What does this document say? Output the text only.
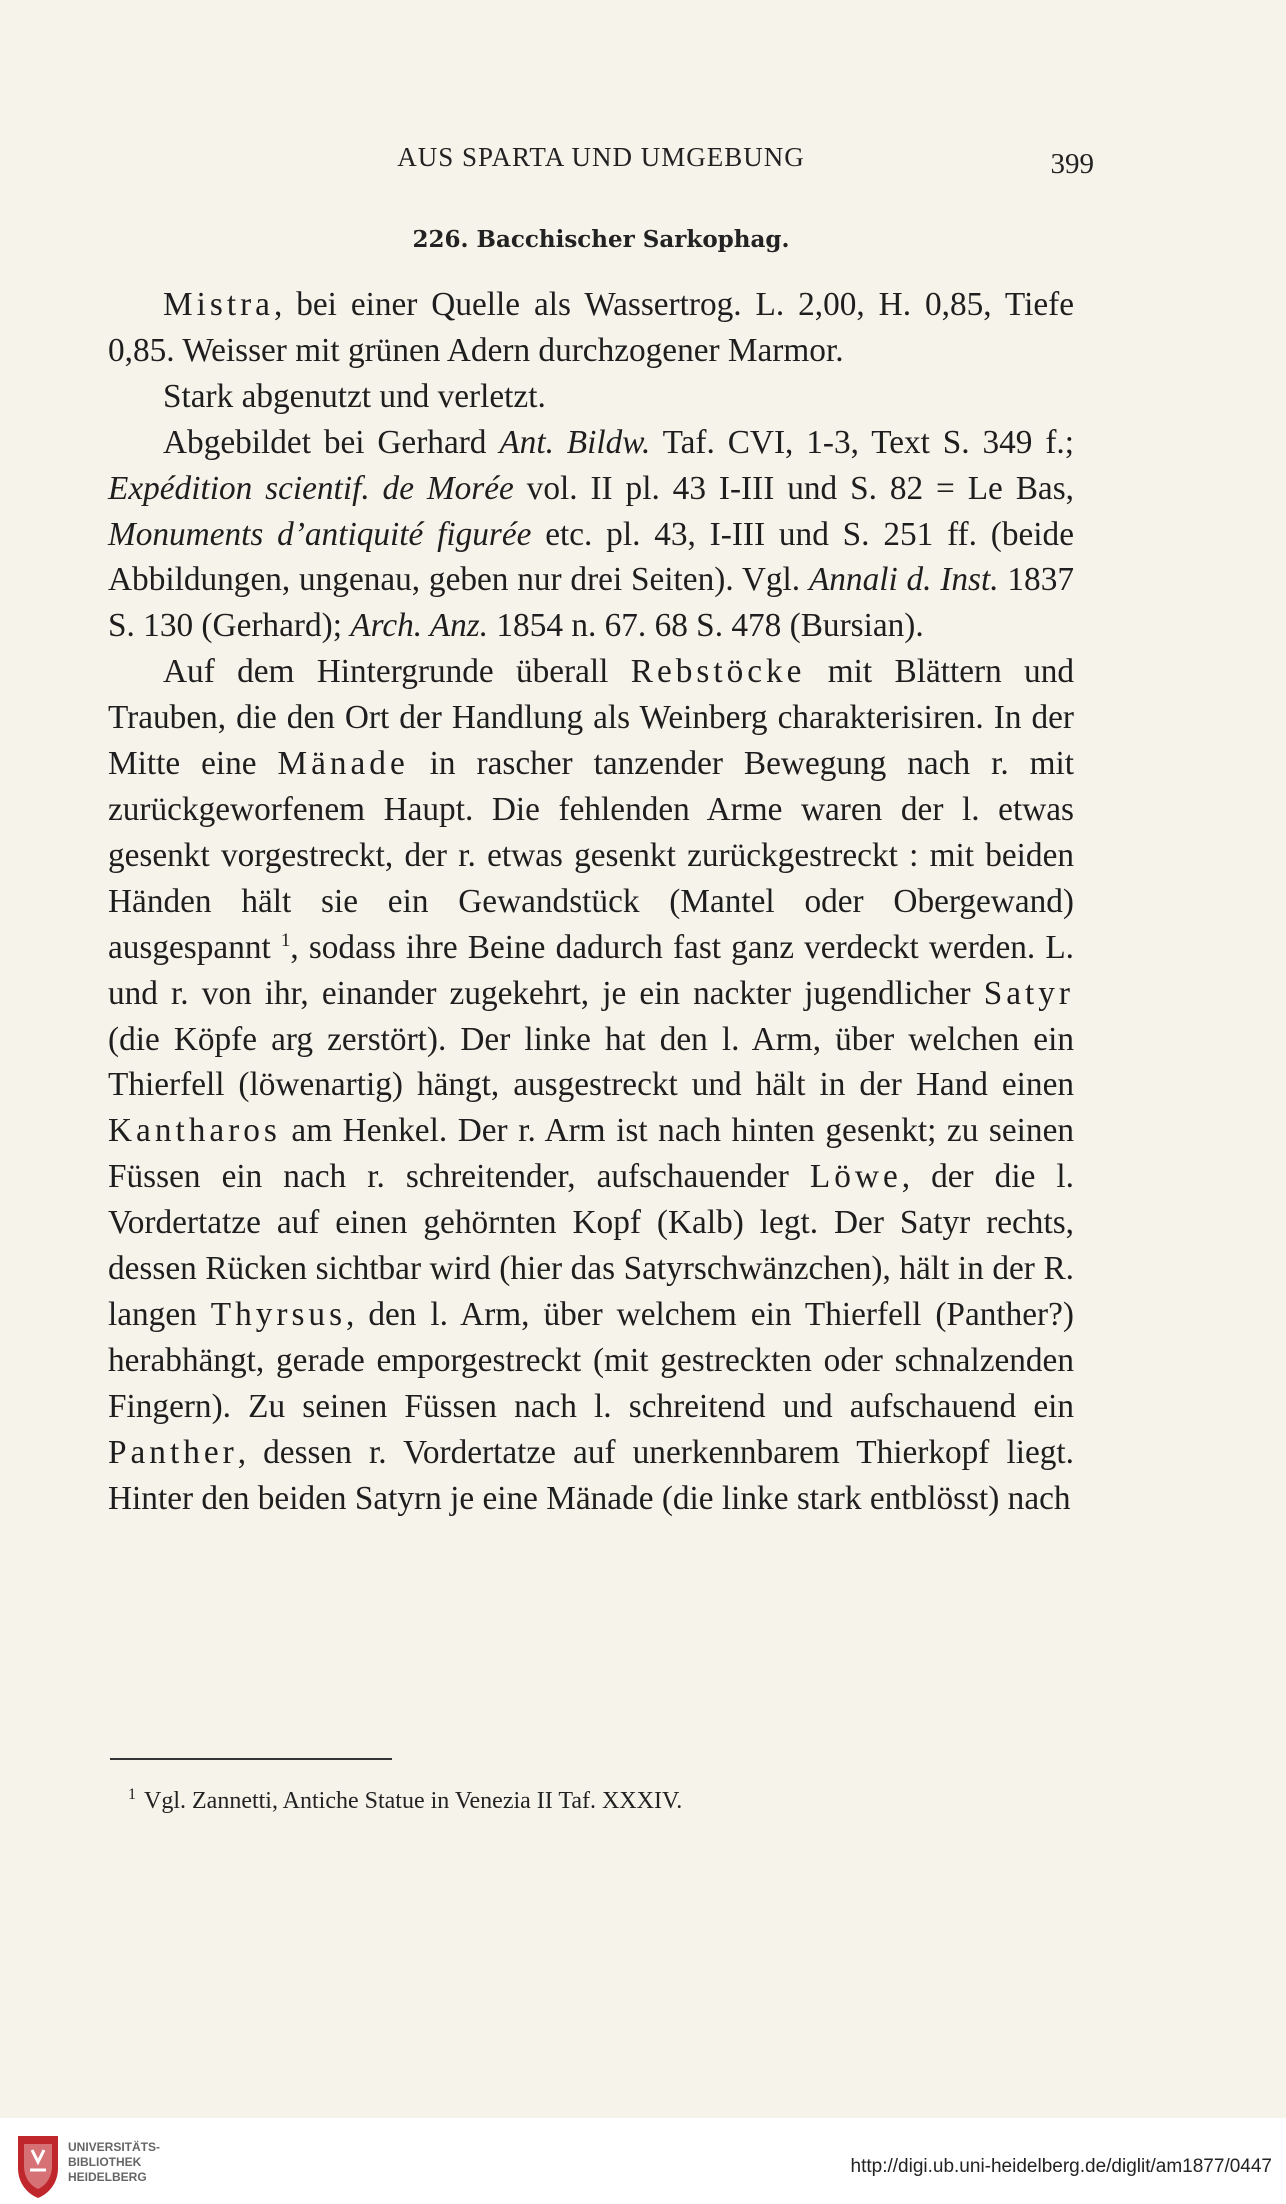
AUS SPARTA UND UMGEBUNG	399
226. Bacchischer Sarkophag.

Mistra, bei einer Quelle als Wassertrog. L. 2,00, H. 0,85, Tiefe 0,85. Weisser mit grünen Adern durchzogener Marmor.

Stark abgenutzt und verletzt.

Abgebildet bei Gerhard Ant. Bildw. Taf. CVI, 1-3, Text S. 349 f.; Expédition scientif. de Morée vol. II pl. 43 I-III und S. 82 = Le Bas, Monuments d’antiquité figurée etc. pl. 43, I-III und S. 251 ff. (beide Abbildungen, ungenau, geben nur drei Seiten). Vgl. Annali d. Inst. 1837 S. 130 (Gerhard); Arch. Anz. 1854 n. 67. 68 S. 478 (Bursian).

Auf dem Hintergrunde überall Rebstöcke mit Blättern und Trauben, die den Ort der Handlung als Weinberg charakterisiren. In der Mitte eine Mänade in rascher tanzender Bewegung nach r. mit zurückgeworfenem Haupt. Die fehlenden Arme waren der l. etwas gesenkt vorgestreckt, der r. etwas gesenkt zurückgestreckt : mit beiden Händen hält sie ein Gewandstück (Mantel oder Obergewand) ausgespannt $^1$, sodass ihre Beine dadurch fast ganz verdeckt werden. L. und r. von ihr, einander zugekehrt, je ein nackter jugendlicher Satyr (die Köpfe arg zerstört). Der linke hat den l. Arm, über welchen ein Thierfell (löwenartig) hängt, ausgestreckt und hält in der Hand einen Kantharos am Henkel. Der r. Arm ist nach hinten gesenkt; zu seinen Füssen ein nach r. schreitender, aufschauender Löwe, der die l. Vordertatze auf einen gehörnten Kopf (Kalb) legt. Der Satyr rechts, dessen Rücken sichtbar wird (hier das Satyrschwänzchen), hält in der R. langen Thyrsus, den l. Arm, über welchem ein Thierfell (Panther?) herabhängt, gerade emporgestreckt (mit gestreckten oder schnalzenden Fingern). Zu seinen Füssen nach l. schreitend und aufschauend ein Panther, dessen r. Vordertatze auf unerkennbarem Thierkopf liegt. Hinter den beiden Satyrn je eine Mänade (die linke stark entblösst) nach

$^1$ Vgl. Zannetti, Antiche Statue in Venezia II Taf. XXXIV.
UNIVERSITÄTS-
BIBLIOTHEK
HEIDELBERG	http://digi.ub.uni-heidelberg.de/diglit/am1877/0447
